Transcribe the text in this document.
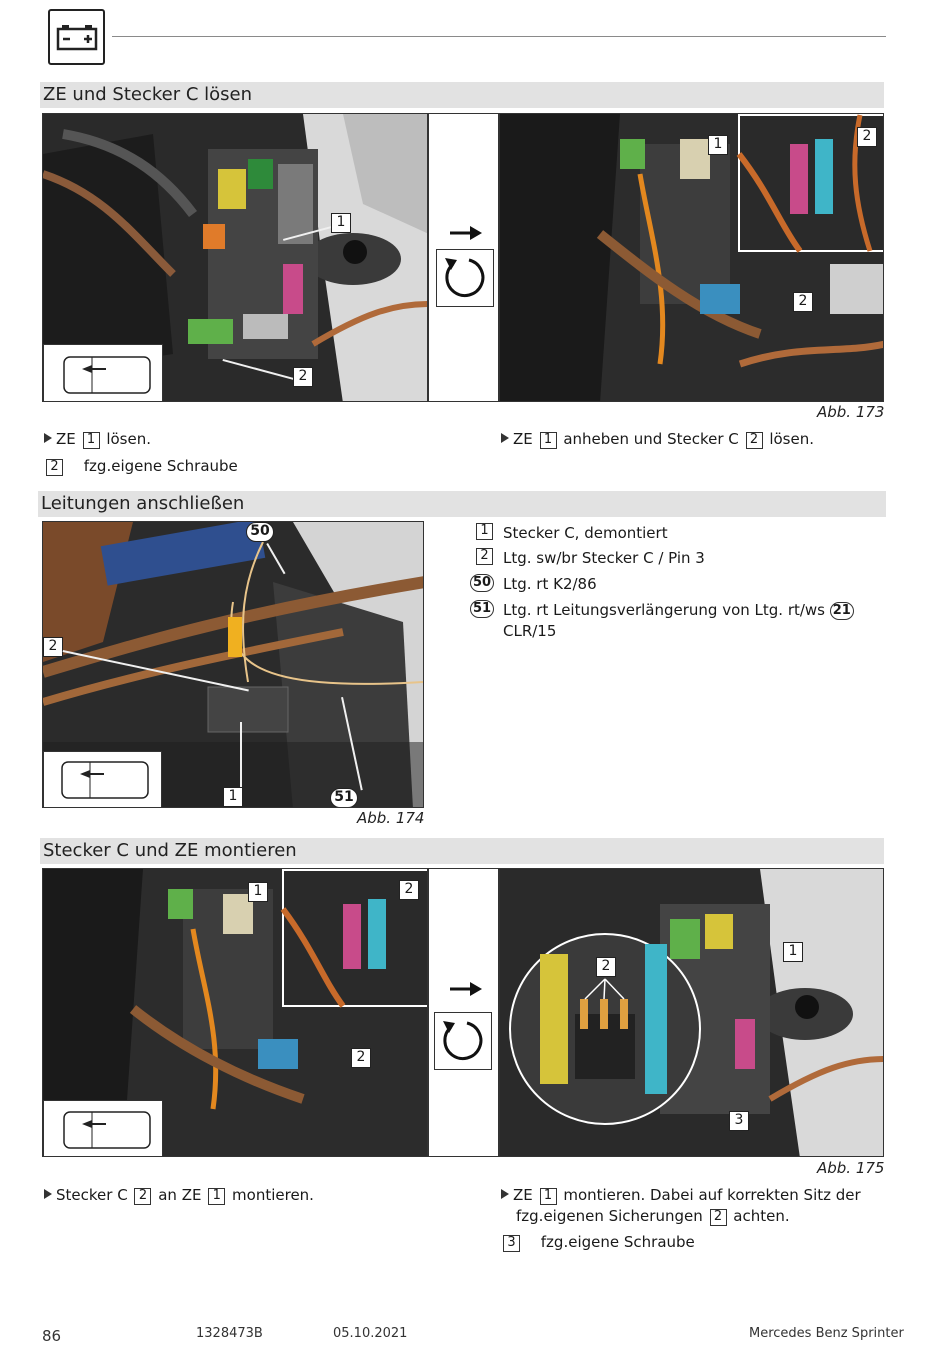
ZE und Stecker C lösen
1
2
1	2
2
Abb. 173
ZE 1 lösen.
2 fzg.eigene Schraube
ZE 1 anheben und Stecker C 2 lösen.
Leitungen anschließen
50
2
1	51
Abb. 174
1 Stecker C, demontiert
2 Ltg. sw/br Stecker C / Pin 3
50 Ltg. rt K2/86
51 Ltg. rt Leitungsverlängerung von Ltg. rt/ws 21
CLR/15
Stecker C und ZE montieren
1	2
2
2
1
3
Abb. 175
Stecker C 2 an ZE 1 montieren.	ZE 1 montieren. Dabei auf korrekten Sitz der
fzg.eigenen Sicherungen 2 achten.
3 fzg.eigene Schraube
86	1328473B	05.10.2021	Mercedes Benz Sprinter
